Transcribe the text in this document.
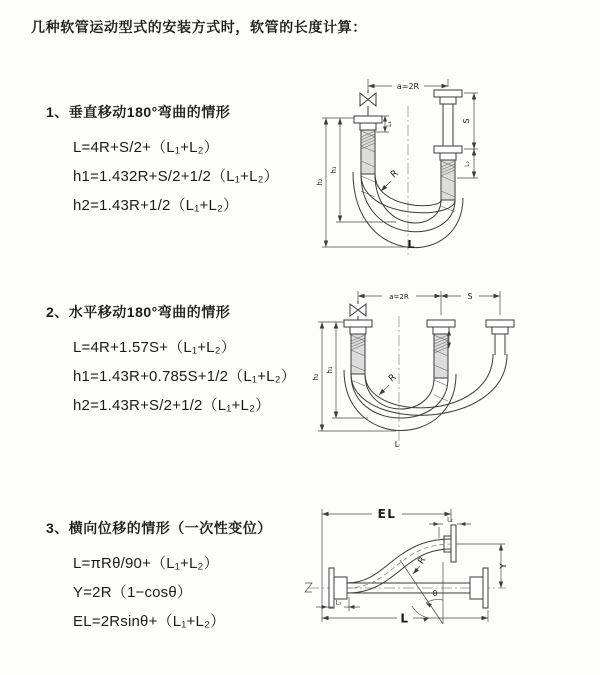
几种软管运动型式的安装方式时，软管的长度计算：
1、垂直移动180°弯曲的情形
L=4R+S/2+（L₁+L₂）
h1=1.432R+S/2+1/2（L₁+L₂）
h2=1.43R+1/2（L₁+L₂）
2、水平移动180°弯曲的情形
L=4R+1.57S+（L₁+L₂）
h1=1.43R+0.785S+1/2（L₁+L₂）
h2=1.43R+S/2+1/2（L₁+L₂）
3、横向位移的情形（一次性变位）
L=πRθ/90+（L₁+L₂）
Y=2R（1−cosθ）
EL=2Rsinθ+（L₁+L₂）
a=2R
h₁
h₂
R
S
L₂
L₁
L
a=2R	S
h₁
h₂	R
L
EL	L₂
θ
R	Y
L₁
L
